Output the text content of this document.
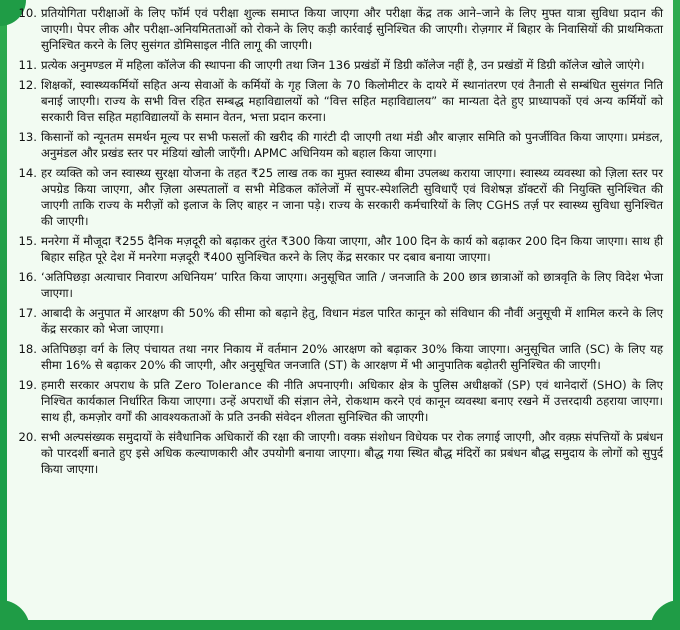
10. प्रतियोगिता परीक्षाओं के लिए फॉर्म एवं परीक्षा शुल्क समाप्त किया जाएगा और परीक्षा केंद्र तक आने–जाने के लिए मुफ्त यात्रा सुविधा प्रदान की जाएगी। पेपर लीक और परीक्षा-अनियमितताओं को रोकने के लिए कड़ी कार्रवाई सुनिश्चित की जाएगी। रोज़गार में बिहार के निवासियों की प्राथमिकता सुनिश्चित करने के लिए सुसंगत डोमिसाइल नीति लागू की जाएगी।
11. प्रत्येक अनुमण्डल में महिला कॉलेज की स्थापना की जाएगी तथा जिन 136 प्रखंडों में डिग्री कॉलेज नहीं है, उन प्रखंडों में डिग्री कॉलेज खोले जाएंगे।
12. शिक्षकों, स्वास्थ्यकर्मियों सहित अन्य सेवाओं के कर्मियों के गृह जिला के 70 किलोमीटर के दायरे में स्थानांतरण एवं तैनाती से सम्बंधित सुसंगत निति बनाई जाएगी। राज्य के सभी वित्त रहित सम्बद्ध महाविद्यालयों को “वित्त सहित महाविद्यालय” का मान्यता देते हुए प्राध्यापकों एवं अन्य कर्मियों को सरकारी वित्त सहित महाविद्यालयों के समान वेतन, भत्ता प्रदान करना।
13. किसानों को न्यूनतम समर्थन मूल्य पर सभी फसलों की खरीद की गारंटी दी जाएगी तथा मंडी और बाज़ार समिति को पुनर्जीवित किया जाएगा। प्रमंडल, अनुमंडल और प्रखंड स्तर पर मंडियां खोली जाएँगी। APMC अधिनियम को बहाल किया जाएगा।
14. हर व्यक्ति को जन स्वास्थ्य सुरक्षा योजना के तहत ₹25 लाख तक का मुफ़्त स्वास्थ्य बीमा उपलब्ध कराया जाएगा। स्वास्थ्य व्यवस्था को ज़िला स्तर पर अपग्रेड किया जाएगा, और ज़िला अस्पतालों व सभी मेडिकल कॉलेजों में सुपर-स्पेशलिटी सुविधाएँ एवं विशेषज्ञ डॉक्टरों की नियुक्ति सुनिश्चित की जाएगी ताकि राज्य के मरीज़ों को इलाज के लिए बाहर न जाना पड़े। राज्य के सरकारी कर्मचारियों के लिए CGHS तर्ज़ पर स्वास्थ्य सुविधा सुनिश्चित की जाएगी।
15. मनरेगा में मौजूदा ₹255 दैनिक मज़दूरी को बढ़ाकर तुरंत ₹300 किया जाएगा, और 100 दिन के कार्य को बढ़ाकर 200 दिन किया जाएगा। साथ ही बिहार सहित पूरे देश में मनरेगा मज़दूरी ₹400 सुनिश्चित करने के लिए केंद्र सरकार पर दबाव बनाया जाएगा।
16. ‘अतिपिछड़ा अत्याचार निवारण अधिनियम’ पारित किया जाएगा। अनुसूचित जाति / जनजाति के 200 छात्र छात्राओं को छात्रवृति के लिए विदेश भेजा जाएगा।
17. आबादी के अनुपात में आरक्षण की 50% की सीमा को बढ़ाने हेतु, विधान मंडल पारित कानून को संविधान की नौवीं अनुसूची में शामिल करने के लिए केंद्र सरकार को भेजा जाएगा।
18. अतिपिछड़ा वर्ग के लिए पंचायत तथा नगर निकाय में वर्तमान 20% आरक्षण को बढ़ाकर 30% किया जाएगा। अनुसूचित जाति (SC) के लिए यह सीमा 16% से बढ़ाकर 20% की जाएगी, और अनुसूचित जनजाति (ST) के आरक्षण में भी आनुपातिक बढ़ोतरी सुनिश्चित की जाएगी।
19. हमारी सरकार अपराध के प्रति Zero Tolerance की नीति अपनाएगी। अधिकार क्षेत्र के पुलिस अधीक्षकों (SP) एवं थानेदारों (SHO) के लिए निश्चित कार्यकाल निर्धारित किया जाएगा। उन्हें अपराधों की संज्ञान लेने, रोकथाम करने एवं कानून व्यवस्था बनाए रखने में उत्तरदायी ठहराया जाएगा। साथ ही, कमज़ोर वर्गों की आवश्यकताओं के प्रति उनकी संवेदन शीलता सुनिश्चित की जाएगी।
20. सभी अल्पसंख्यक समुदायों के संवैधानिक अधिकारों की रक्षा की जाएगी। वक्फ़ संशोधन विधेयक पर रोक लगाई जाएगी, और वक़्फ़ संपत्तियों के प्रबंधन को पारदर्शी बनाते हुए इसे अधिक कल्याणकारी और उपयोगी बनाया जाएगा। बौद्ध गया स्थित बौद्ध मंदिरों का प्रबंधन बौद्ध समुदाय के लोगों को सुपुर्द किया जाएगा।
